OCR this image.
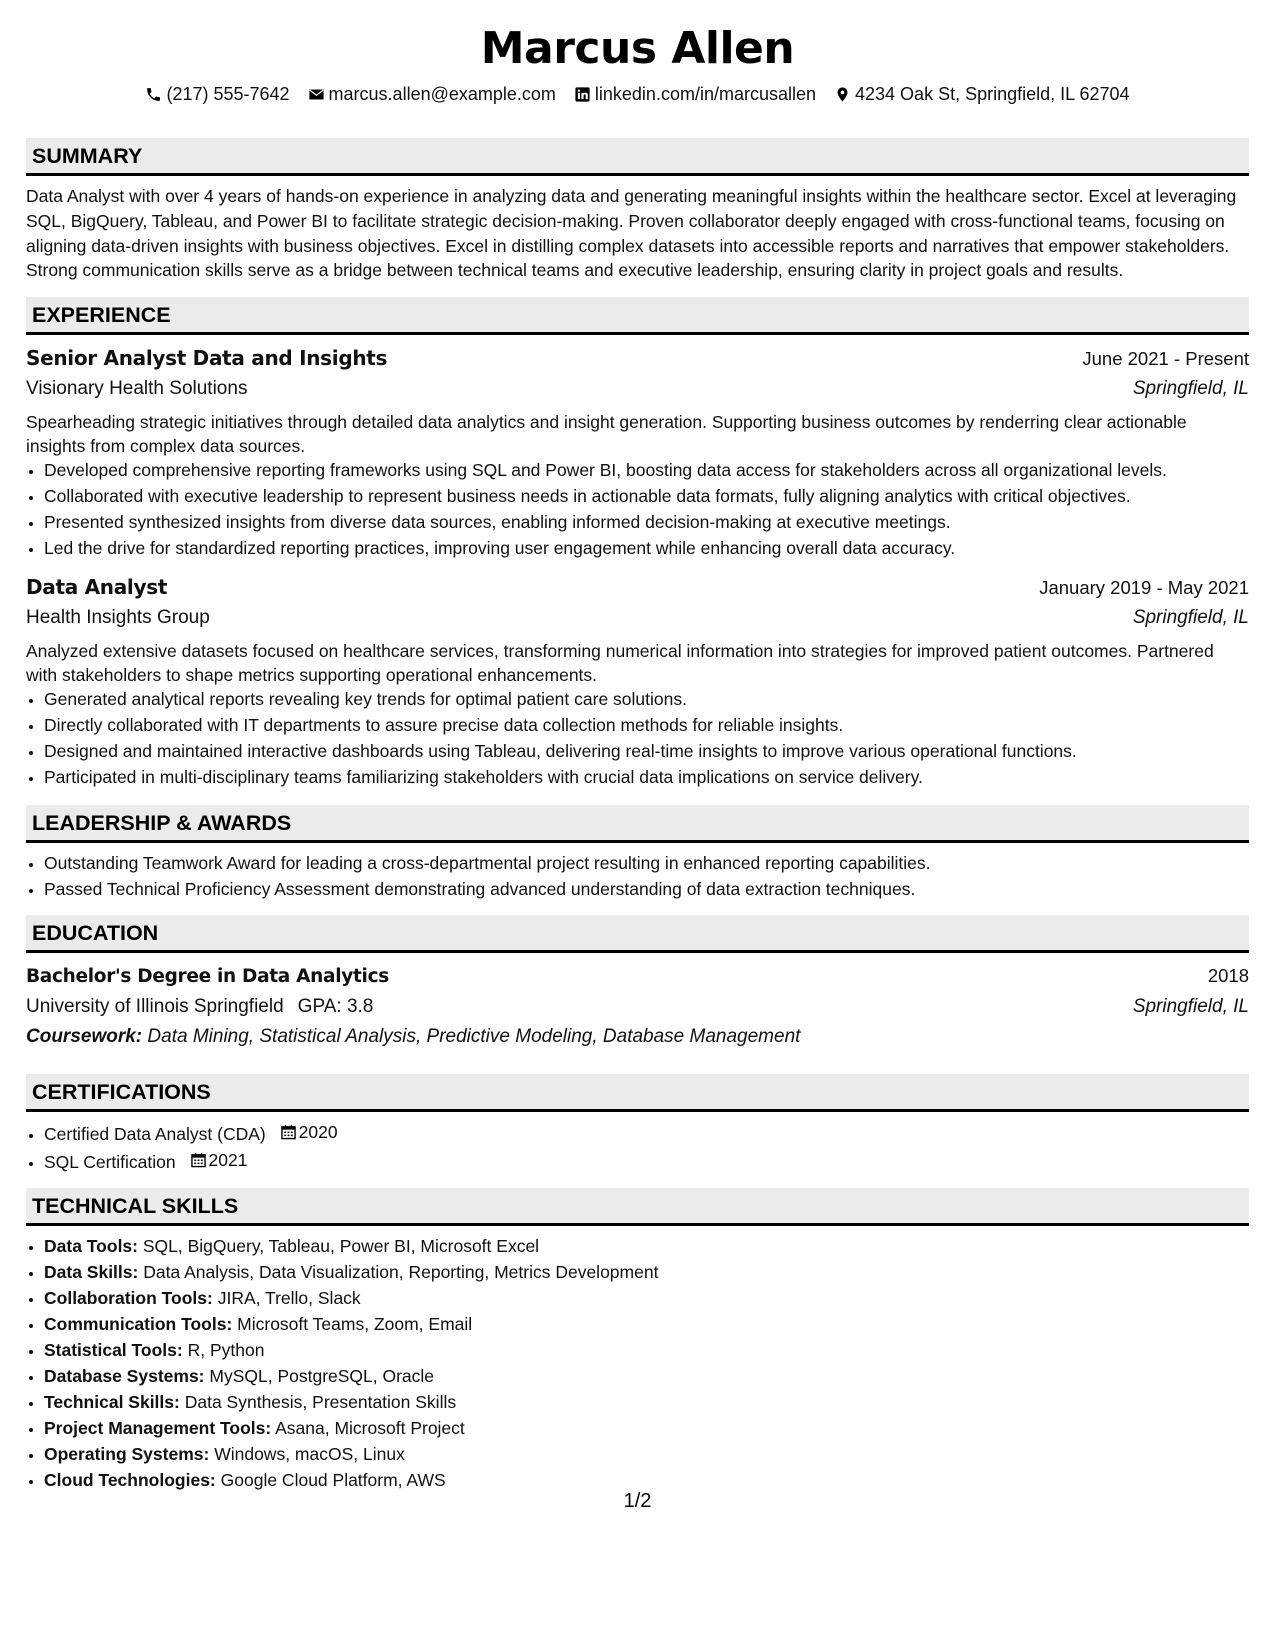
Marcus Allen
(217) 555-7642 marcus.allen@example.com linkedin.com/in/marcusallen 4234 Oak St, Springfield, IL 62704
SUMMARY
Data Analyst with over 4 years of hands-on experience in analyzing data and generating meaningful insights within the healthcare sector. Excel at leveraging SQL, BigQuery, Tableau, and Power BI to facilitate strategic decision-making. Proven collaborator deeply engaged with cross-functional teams, focusing on aligning data-driven insights with business objectives. Excel in distilling complex datasets into accessible reports and narratives that empower stakeholders. Strong communication skills serve as a bridge between technical teams and executive leadership, ensuring clarity in project goals and results.
EXPERIENCE
Senior Analyst Data and Insights	June 2021 - Present
Visionary Health Solutions	Springfield, IL
Spearheading strategic initiatives through detailed data analytics and insight generation. Supporting business outcomes by renderring clear actionable insights from complex data sources.
• Developed comprehensive reporting frameworks using SQL and Power BI, boosting data access for stakeholders across all organizational levels.
• Collaborated with executive leadership to represent business needs in actionable data formats, fully aligning analytics with critical objectives.
• Presented synthesized insights from diverse data sources, enabling informed decision-making at executive meetings.
• Led the drive for standardized reporting practices, improving user engagement while enhancing overall data accuracy.
Data Analyst	January 2019 - May 2021
Health Insights Group	Springfield, IL
Analyzed extensive datasets focused on healthcare services, transforming numerical information into strategies for improved patient outcomes. Partnered with stakeholders to shape metrics supporting operational enhancements.
• Generated analytical reports revealing key trends for optimal patient care solutions.
• Directly collaborated with IT departments to assure precise data collection methods for reliable insights.
• Designed and maintained interactive dashboards using Tableau, delivering real-time insights to improve various operational functions.
• Participated in multi-disciplinary teams familiarizing stakeholders with crucial data implications on service delivery.
LEADERSHIP & AWARDS
• Outstanding Teamwork Award for leading a cross-departmental project resulting in enhanced reporting capabilities.
• Passed Technical Proficiency Assessment demonstrating advanced understanding of data extraction techniques.
EDUCATION
Bachelor's Degree in Data Analytics	2018
University of Illinois Springfield GPA: 3.8	Springfield, IL
Coursework: Data Mining, Statistical Analysis, Predictive Modeling, Database Management
CERTIFICATIONS
• Certified Data Analyst (CDA) 2020
• SQL Certification 2021
TECHNICAL SKILLS
• Data Tools: SQL, BigQuery, Tableau, Power BI, Microsoft Excel
• Data Skills: Data Analysis, Data Visualization, Reporting, Metrics Development
• Collaboration Tools: JIRA, Trello, Slack
• Communication Tools: Microsoft Teams, Zoom, Email
• Statistical Tools: R, Python
• Database Systems: MySQL, PostgreSQL, Oracle
• Technical Skills: Data Synthesis, Presentation Skills
• Project Management Tools: Asana, Microsoft Project
• Operating Systems: Windows, macOS, Linux
• Cloud Technologies: Google Cloud Platform, AWS
1/2
